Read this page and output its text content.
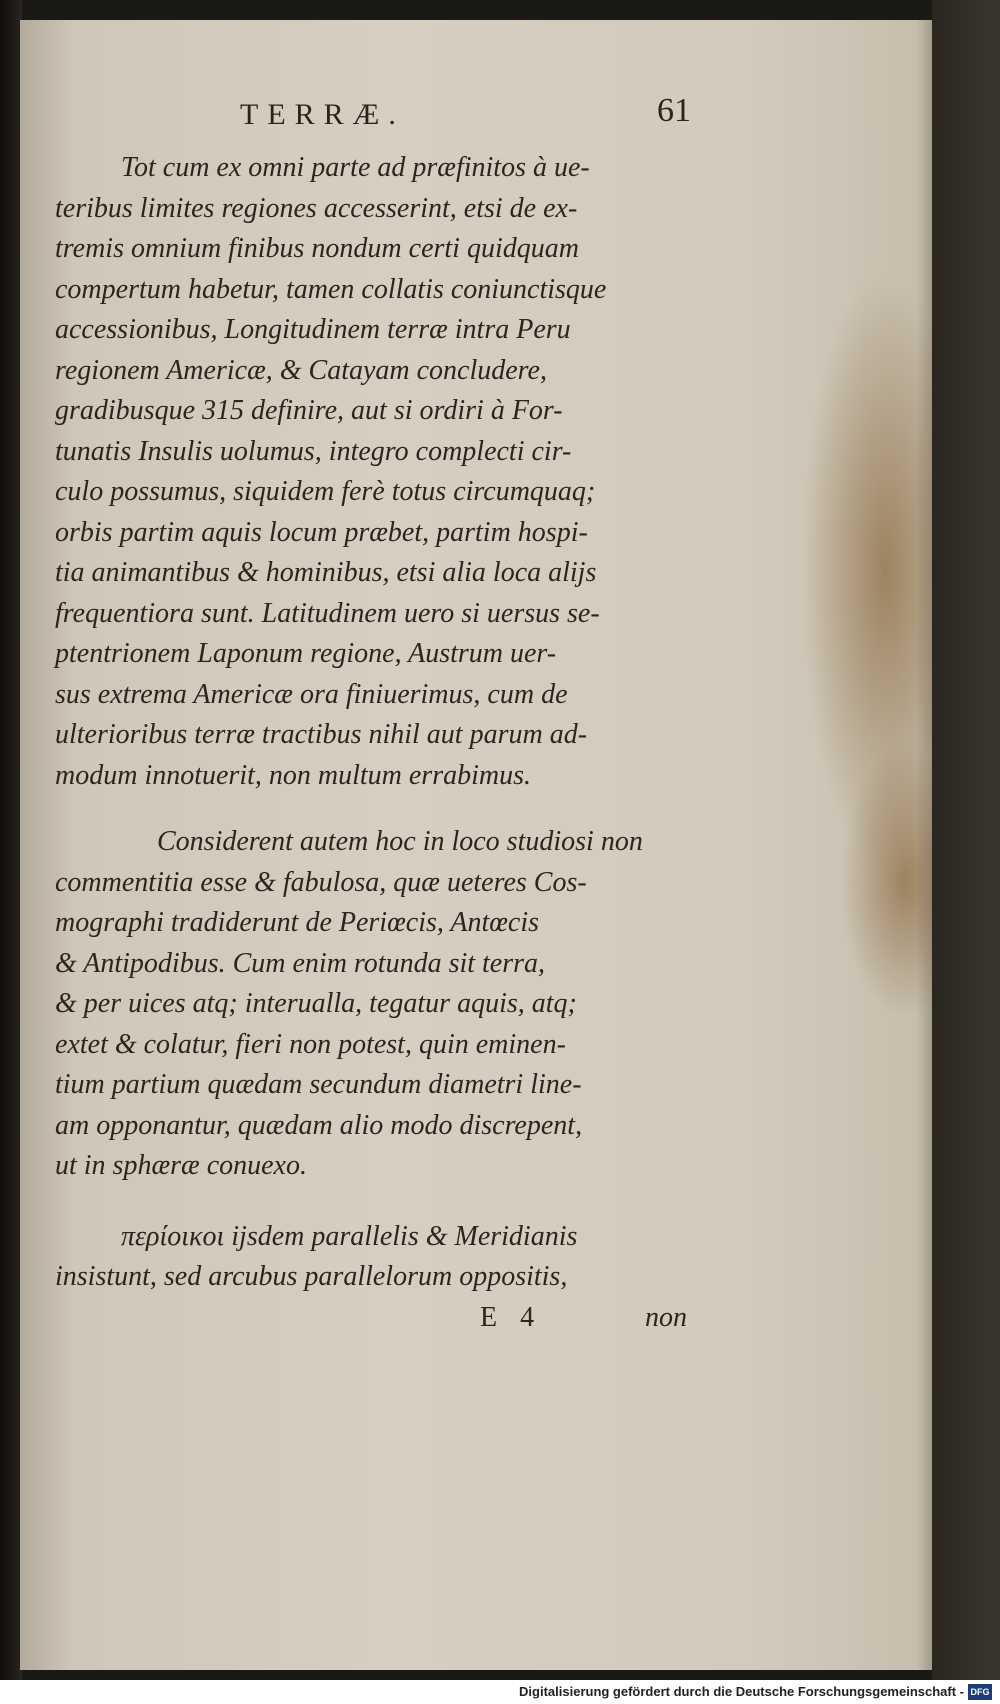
TERRÆ.	61
Tot cum ex omni parte ad præfinitos à ue-
teribus limites regiones accesserint, etsi de ex-
tremis omnium finibus nondum certi quidquam
compertum habetur, tamen collatis coniunctisque
accessionibus, Longitudinem terræ intra Peru
regionem Americæ, & Catayam concludere,
gradibusque 315 definire, aut si ordiri à For-
tunatis Insulis uolumus, integro complecti cir-
culo possumus, siquidem ferè totus circumquaq;
orbis partim aquis locum præbet, partim hospi-
tia animantibus & hominibus, etsi alia loca alijs
frequentiora sunt. Latitudinem uero si uersus se-
ptentrionem Laponum regione, Austrum uer-
sus extrema Americæ ora finiuerimus, cum de
ulterioribus terræ tractibus nihil aut parum ad-
modum innotuerit, non multum errabimus.
Considerent autem hoc in loco studiosi non
commentitia esse & fabulosa, quæ ueteres Cos-
mographi tradiderunt de Periœcis, Antœcis
& Antipodibus. Cum enim rotunda sit terra,
& per uices atq; interualla, tegatur aquis, atq;
extet & colatur, fieri non potest, quin eminen-
tium partium quædam secundum diametri line-
am opponantur, quædam alio modo discrepent,
ut in sphæræ conuexo.
περίοικοι ijsdem parallelis & Meridianis
insistunt, sed arcubus parallelorum oppositis,
E 4	non
Digitalisierung gefördert durch die Deutsche Forschungsgemeinschaft - DFG
